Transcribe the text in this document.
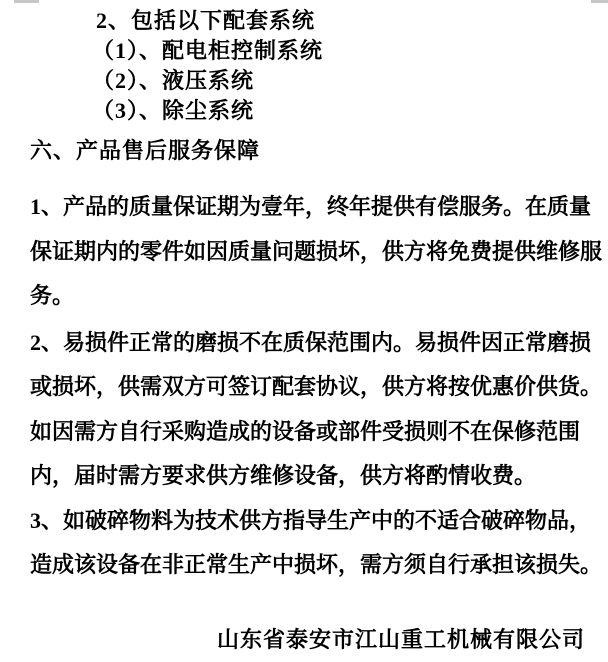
2、包括以下配套系统
（1）、配电柜控制系统
（2）、液压系统
（3）、除尘系统
六、产品售后服务保障
1、产品的质量保证期为壹年，终年提供有偿服务。在质量
保证期内的零件如因质量问题损坏，供方将免费提供维修服
务。
2、易损件正常的磨损不在质保范围内。易损件因正常磨损
或损坏，供需双方可签订配套协议，供方将按优惠价供货。
如因需方自行采购造成的设备或部件受损则不在保修范围
内，届时需方要求供方维修设备，供方将酌情收费。
3、如破碎物料为技术供方指导生产中的不适合破碎物品，
造成该设备在非正常生产中损坏，需方须自行承担该损失。
山东省泰安市江山重工机械有限公司
